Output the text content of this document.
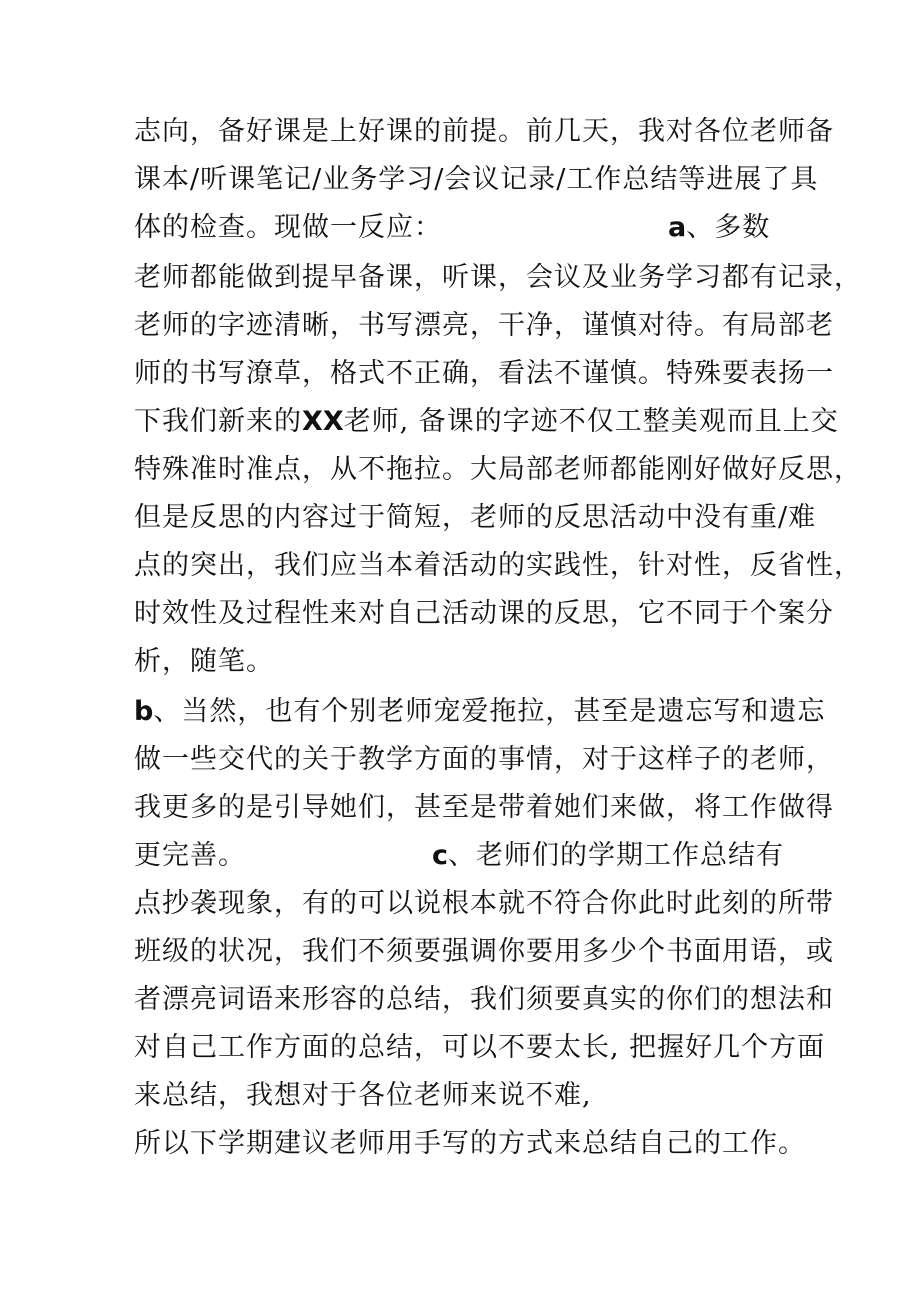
志向，备好课是上好课的前提。前几天，我对各位老师备
课本/听课笔记/业务学习/会议记录/工作总结等进展了具
体的检查。现做一反应：	a、多数
老师都能做到提早备课，听课，会议及业务学习都有记录，
老师的字迹清晰，书写漂亮，干净，谨慎对待。有局部老
师的书写潦草，格式不正确，看法不谨慎。特殊要表扬一
下我们新来的XX老师, 备课的字迹不仅工整美观而且上交
特殊准时准点，从不拖拉。大局部老师都能刚好做好反思，
但是反思的内容过于简短，老师的反思活动中没有重/难
点的突出，我们应当本着活动的实践性，针对性，反省性，
时效性及过程性来对自己活动课的反思，它不同于个案分
析，随笔。
b、当然，也有个别老师宠爱拖拉，甚至是遗忘写和遗忘
做一些交代的关于教学方面的事情，对于这样子的老师，
我更多的是引导她们，甚至是带着她们来做，将工作做得
更完善。	c、老师们的学期工作总结有
点抄袭现象，有的可以说根本就不符合你此时此刻的所带
班级的状况，我们不须要强调你要用多少个书面用语，或
者漂亮词语来形容的总结，我们须要真实的你们的想法和
对自己工作方面的总结，可以不要太长, 把握好几个方面
来总结，我想对于各位老师来说不难,
所以下学期建议老师用手写的方式来总结自己的工作。
